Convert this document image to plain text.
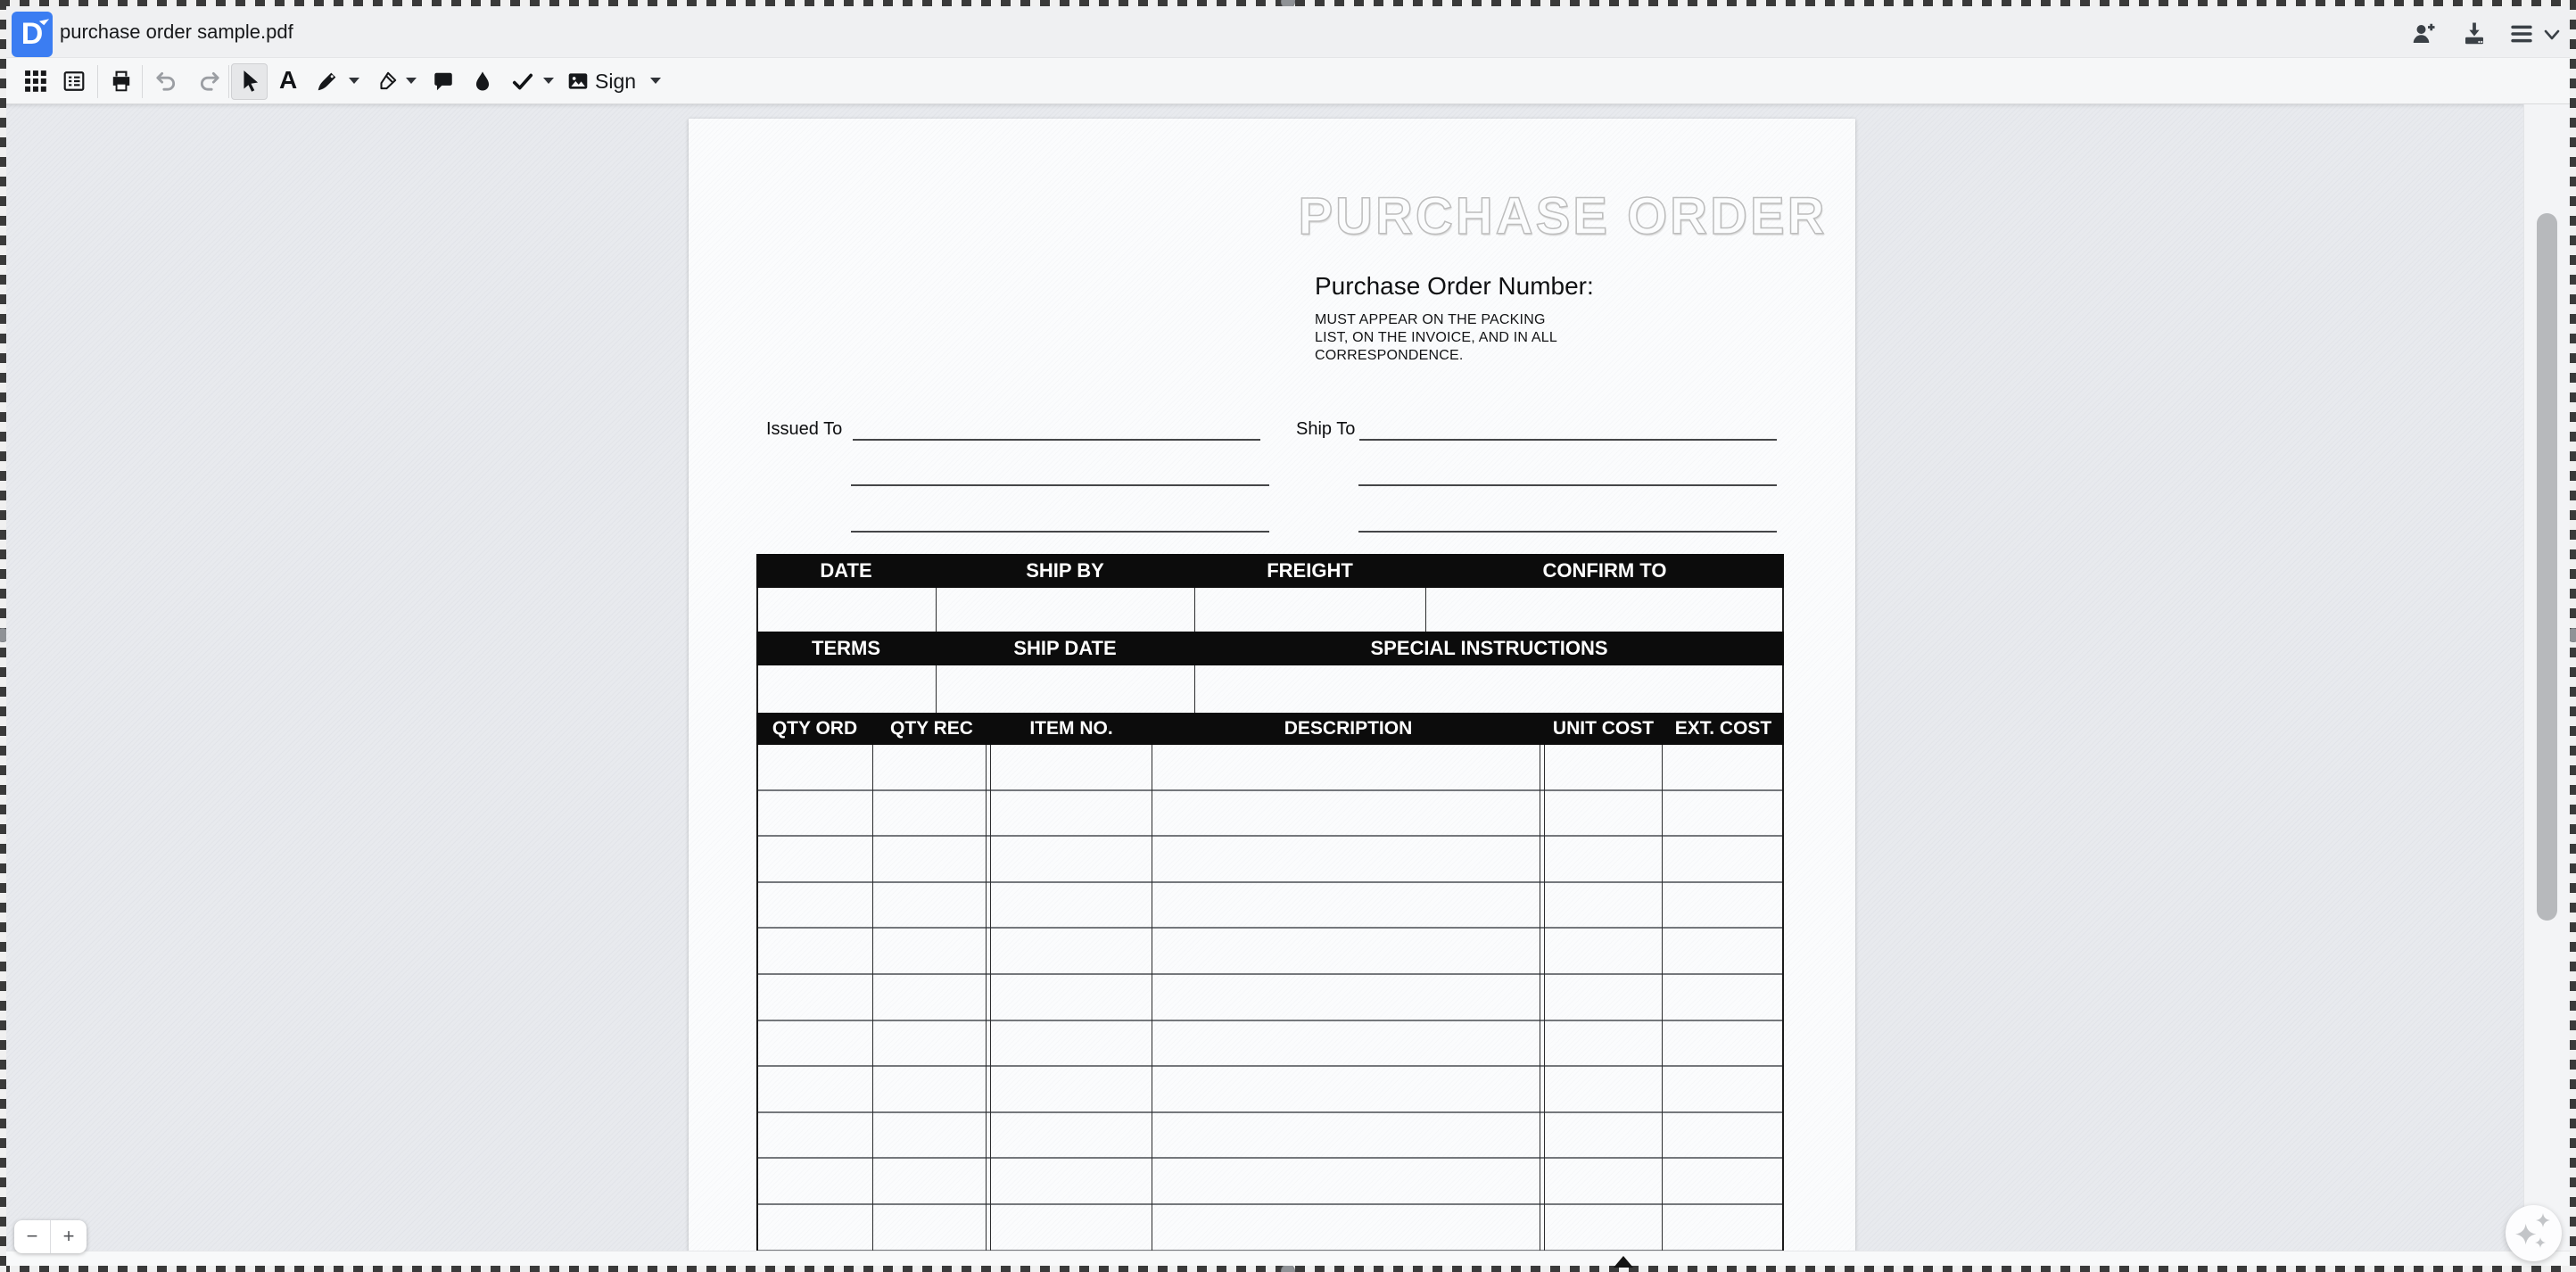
D purchase order sample.pdf
A	Sign
PURCHASE ORDER
Purchase Order Number:
MUST APPEAR ON THE PACKING
LIST, ON THE INVOICE, AND IN ALL
CORRESPONDENCE.
Issued To	Ship To
DATE	SHIP BY	FREIGHT	CONFIRM TO
TERMS	SHIP DATE	SPECIAL INSTRUCTIONS
QTY ORD	QTY REC	ITEM NO.	DESCRIPTION	UNIT COST	EXT. COST
−	+
